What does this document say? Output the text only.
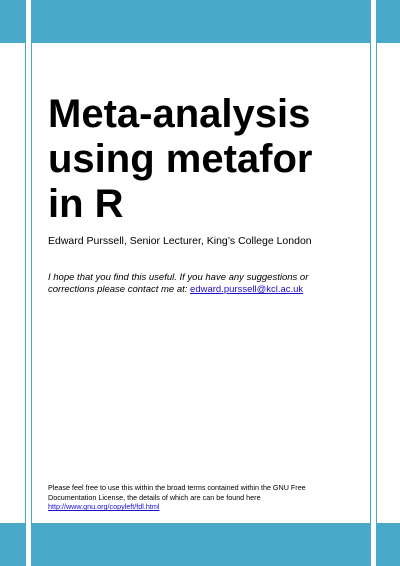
Meta-analysis
using metafor
in R
Edward Purssell, Senior Lecturer, King’s College London
I hope that you find this useful. If you have any suggestions or corrections please contact me at: edward.purssell@kcl.ac.uk
Please feel free to use this within the broad terms contained within the GNU Free Documentation License, the details of which are can be found here
http://www.gnu.org/copyleft/fdl.html
